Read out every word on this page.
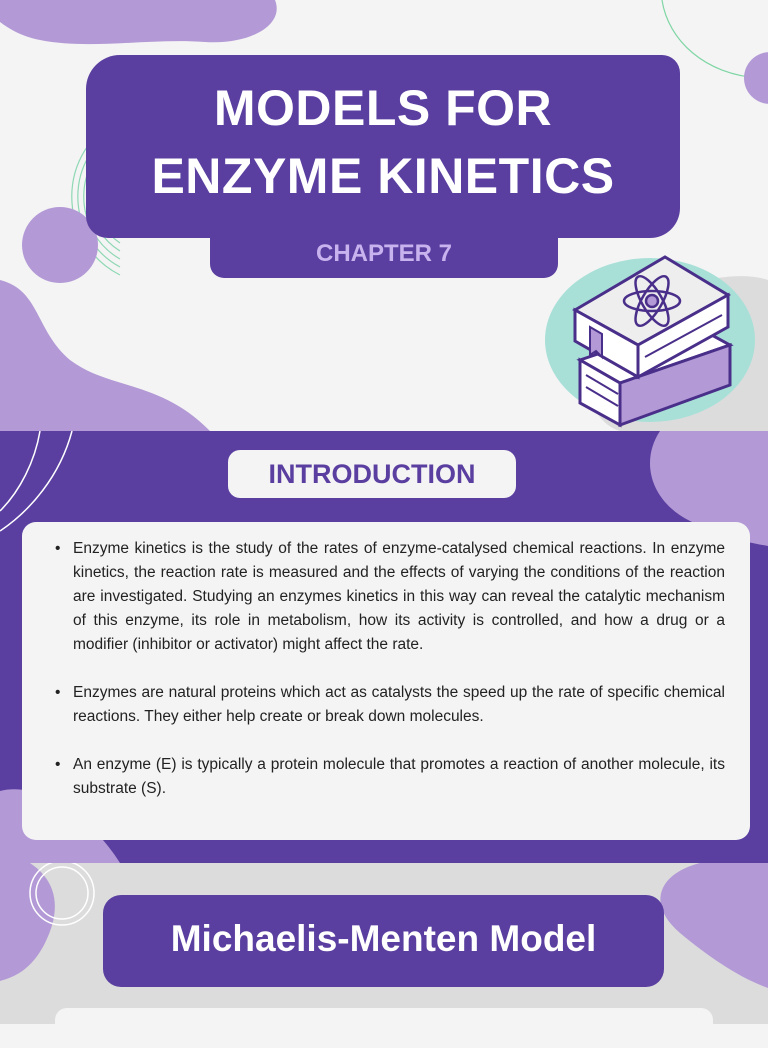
MODELS FOR
ENZYME KINETICS
CHAPTER 7
INTRODUCTION
• Enzyme kinetics is the study of the rates of enzyme-catalysed chemical reactions. In enzyme kinetics, the reaction rate is measured and the effects of varying the conditions of the reaction are investigated. Studying an enzymes kinetics in this way can reveal the catalytic mechanism of this enzyme, its role in metabolism, how its activity is controlled, and how a drug or a modifier (inhibitor or activator) might affect the rate.
• Enzymes are natural proteins which act as catalysts the speed up the rate of specific chemical reactions. They either help create or break down molecules.
• An enzyme (E) is typically a protein molecule that promotes a reaction of another molecule, its substrate (S).
Michaelis-Menten Model
